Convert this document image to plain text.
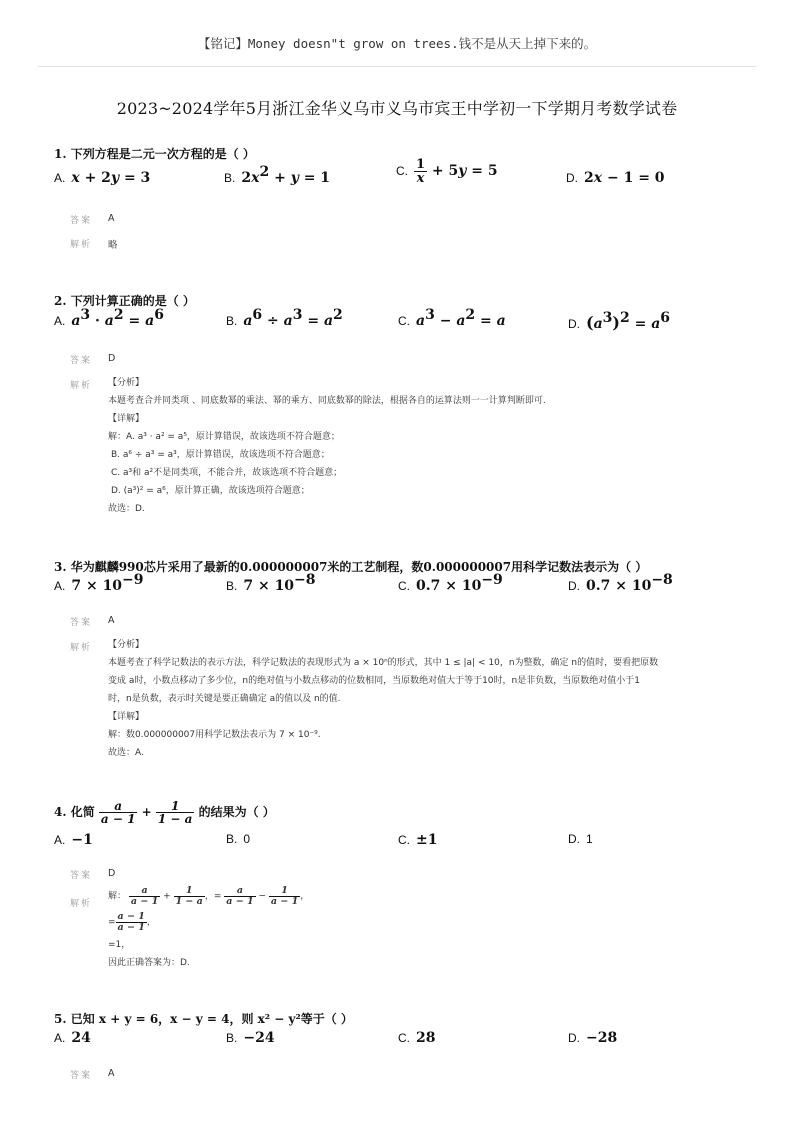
【铭记】Money doesn"t grow on trees.钱不是从天上掉下来的。
2023~2024学年5月浙江金华义乌市义乌市宾王中学初一下学期月考数学试卷
1. 下列方程是二元一次方程的是（ ）
A. x + 2y = 3	B. $2x^2 + y = 1$	C. $\frac{1}{x} + 5y = 5$	D. 2x − 1 = 0
答案 A
解析 略
2. 下列计算正确的是（ ）
A. $a^3 \cdot a^2 = a^6$	B. $a^6 \div a^3 = a^2$	C. $a^3 - a^2 = a$	D. $(a^3)^2 = a^6$
答案 D
解析 【分析】
本题考查合并同类项 、同底数幂的乘法、幂的乘方、同底数幂的除法，根据各自的运算法则一一计算判断即可.
【详解】
解：A. a³ · a² = a⁵，原计算错误，故该选项不符合题意；
B. a⁶ ÷ a³ = a³，原计算错误，故该选项不符合题意；
C. a³和 a²不是同类项，不能合并，故该选项不符合题意；
D. (a³)² = a⁶，原计算正确，故该选项符合题意；
故选：D.
3. 华为麒麟990芯片采用了最新的0.000000007米的工艺制程，数0.000000007用科学记数法表示为（ ）
A. $7 \times 10^{-9}$	B. $7 \times 10^{-8}$	C. $0.7 \times 10^{-9}$	D. $0.7 \times 10^{-8}$
答案 A
解析 【分析】
本题考查了科学记数法的表示方法，科学记数法的表现形式为 a × 10ⁿ的形式，其中 1 ≤ |a| < 10，n为整数，确定 n的值时，要看把原数
变成 a时，小数点移动了多少位，n的绝对值与小数点移动的位数相同，当原数绝对值大于等于10时，n是非负数，当原数绝对值小于1
时，n是负数，表示时关键是要正确确定 a的值以及 n的值.
【详解】
解：数0.000000007用科学记数法表示为 7 × 10⁻⁹.
故选：A.
4. 化简 $\frac{a}{a - 1} + \frac{1}{1 - a}$ 的结果为（ ）
A. −1	B. 0	C. ±1	D. 1
答案 D
解析
解： $\frac{a}{a - 1} + \frac{1}{1 - a}$ ，= $\frac{a}{a - 1} - \frac{1}{a - 1}$ ，
= $\frac{a - 1}{a - 1}$ ，
=1，
因此正确答案为：D.
5. 已知 x + y = 6，x − y = 4，则 x² − y²等于（ ）
A. 24	B. −24	C. 28	D. −28
答案 A
